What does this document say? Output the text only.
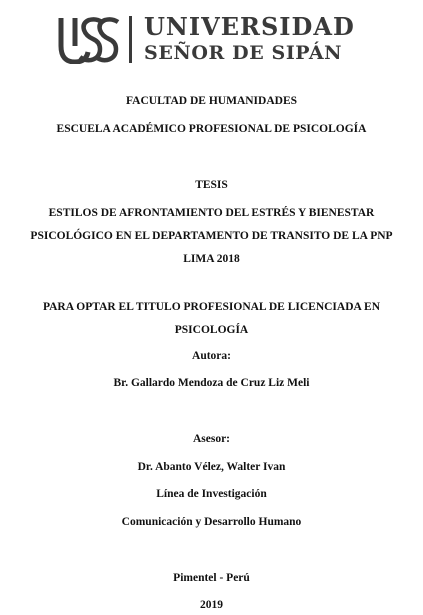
UNIVERSIDAD
SEÑOR DE SIPÁN
FACULTAD DE HUMANIDADES
ESCUELA ACADÉMICO PROFESIONAL DE PSICOLOGÍA
TESIS
ESTILOS DE AFRONTAMIENTO DEL ESTRÉS Y BIENESTAR PSICOLÓGICO EN EL DEPARTAMENTO DE TRANSITO DE LA PNP LIMA 2018
PARA OPTAR EL TITULO PROFESIONAL DE LICENCIADA EN PSICOLOGÍA
Autora:
Br. Gallardo Mendoza de Cruz Liz Meli
Asesor:
Dr. Abanto Vélez, Walter Ivan
Línea de Investigación
Comunicación y Desarrollo Humano
Pimentel - Perú
2019
